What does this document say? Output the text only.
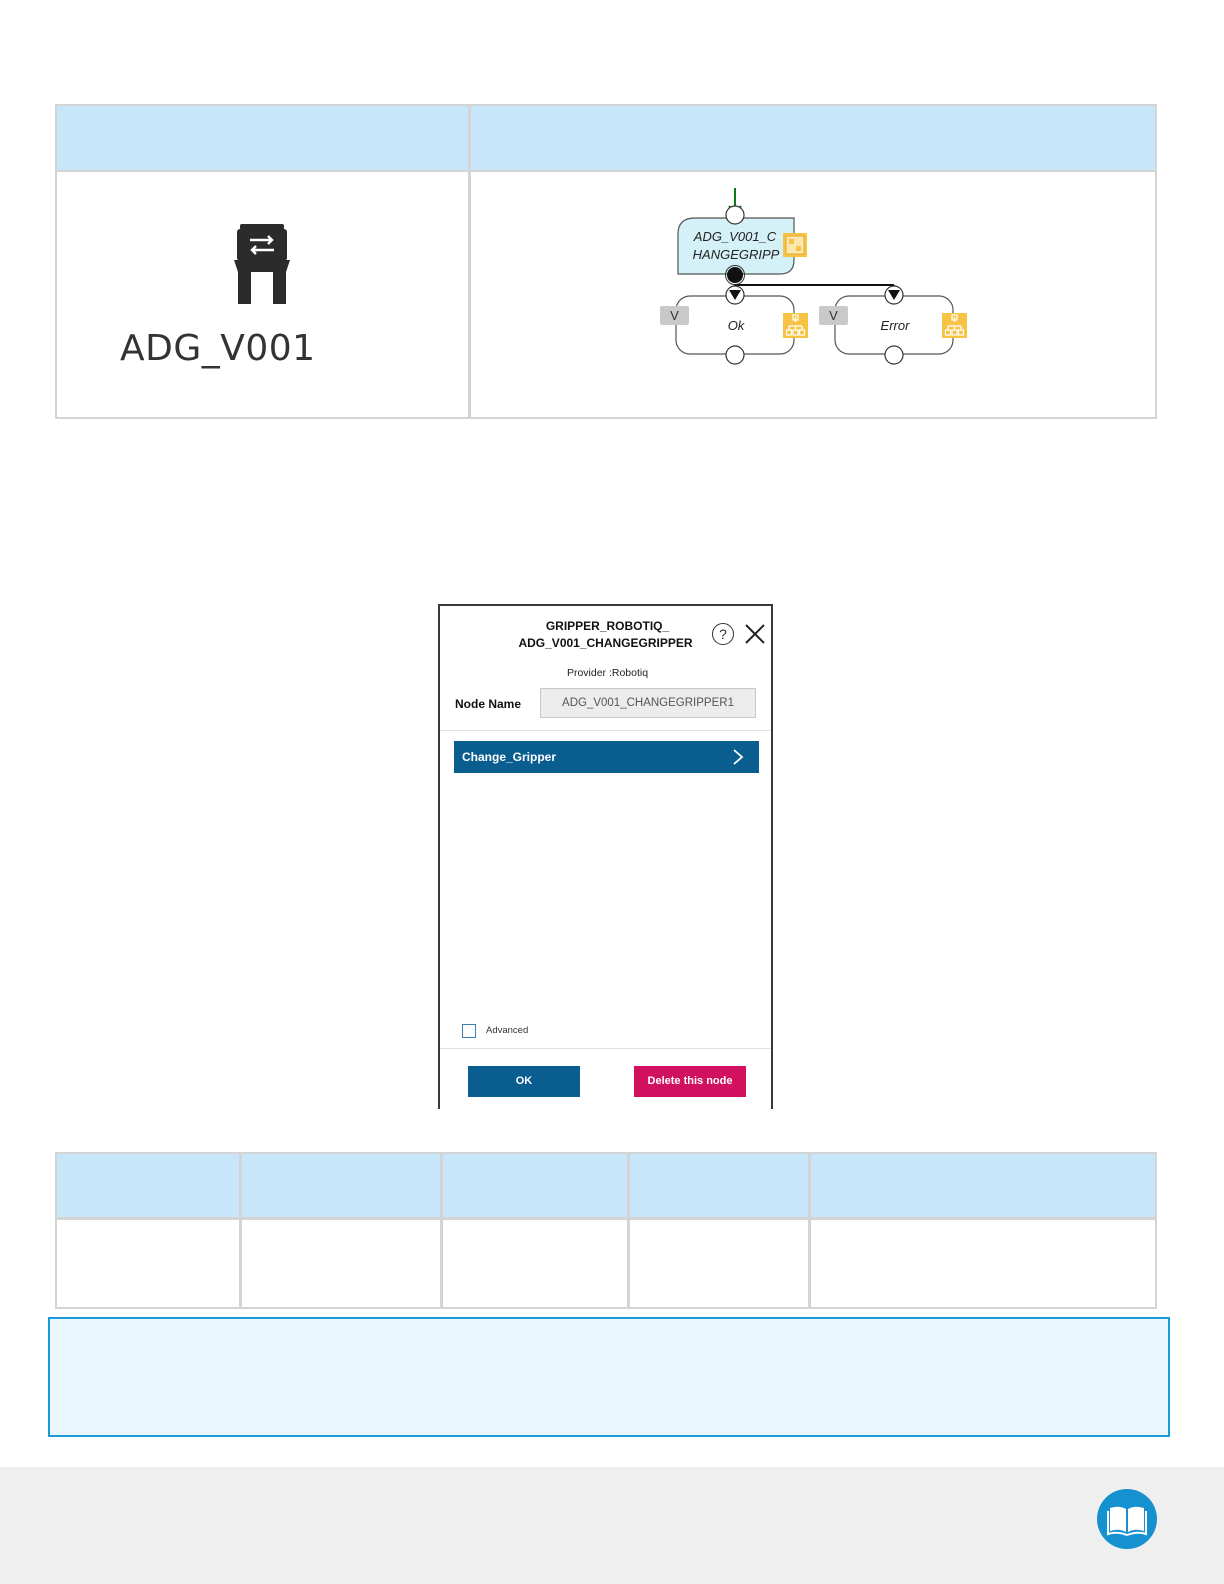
ADG_V001
ADG_V001_C
HANGEGRIPP
V
Ok
V
Error
GRIPPER_ROBOTIQ_
ADG_V001_CHANGEGRIPPER
?
Provider :Robotiq
Node Name	ADG_V001_CHANGEGRIPPER1
Change_Gripper
Advanced
OK	Delete this node
